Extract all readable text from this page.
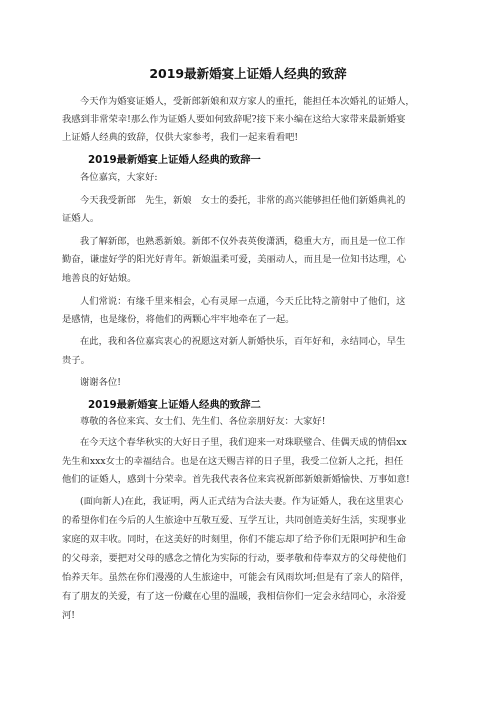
2019最新婚宴上证婚人经典的致辞
今天作为婚宴证婚人，受新郎新娘和双方家人的重托，能担任本次婚礼的证婚人，
我感到非常荣幸!那么作为证婚人要如何致辞呢?接下来小编在这给大家带来最新婚宴
上证婚人经典的致辞，仅供大家参考，我们一起来看看吧!
2019最新婚宴上证婚人经典的致辞一
各位嘉宾，大家好:
今天我受新郎　先生，新娘　女士的委托，非常的高兴能够担任他们新婚典礼的
证婚人。
我了解新郎，也熟悉新娘。新郎不仅外表英俊潇洒，稳重大方，而且是一位工作
勤奋，谦虚好学的阳光好青年。新娘温柔可爱，美丽动人，而且是一位知书达理，心
地善良的好姑娘。
人们常说：有缘千里来相会，心有灵犀一点通，今天丘比特之箭射中了他们，这
是感情，也是缘份，将他们的两颗心牢牢地牵在了一起。
在此，我和各位嘉宾衷心的祝愿这对新人新婚快乐，百年好和，永结同心，早生
贵子。
谢谢各位!
2019最新婚宴上证婚人经典的致辞二
尊敬的各位来宾、女士们、先生们、各位亲朋好友：大家好!
在今天这个春华秋实的大好日子里，我们迎来一对珠联璧合、佳偶天成的情侣xx
先生和xxx女士的幸福结合。也是在这天赐吉祥的日子里，我受二位新人之托，担任
他们的证婚人，感到十分荣幸。首先我代表各位来宾祝新郎新娘新婚愉快、万事如意!
(面向新人)在此，我证明，两人正式结为合法夫妻。作为证婚人，我在这里衷心
的希望你们在今后的人生旅途中互敬互爱、互学互让，共同创造美好生活，实现事业
家庭的双丰收。同时，在这美好的时刻里，你们不能忘却了给予你们无限呵护和生命
的父母亲，要把对父母的感念之情化为实际的行动，要孝敬和侍奉双方的父母使他们
怡养天年。虽然在你们漫漫的人生旅途中，可能会有风雨坎坷;但是有了亲人的陪伴，
有了朋友的关爱，有了这一份藏在心里的温暖，我相信你们一定会永结同心，永浴爱
河!
